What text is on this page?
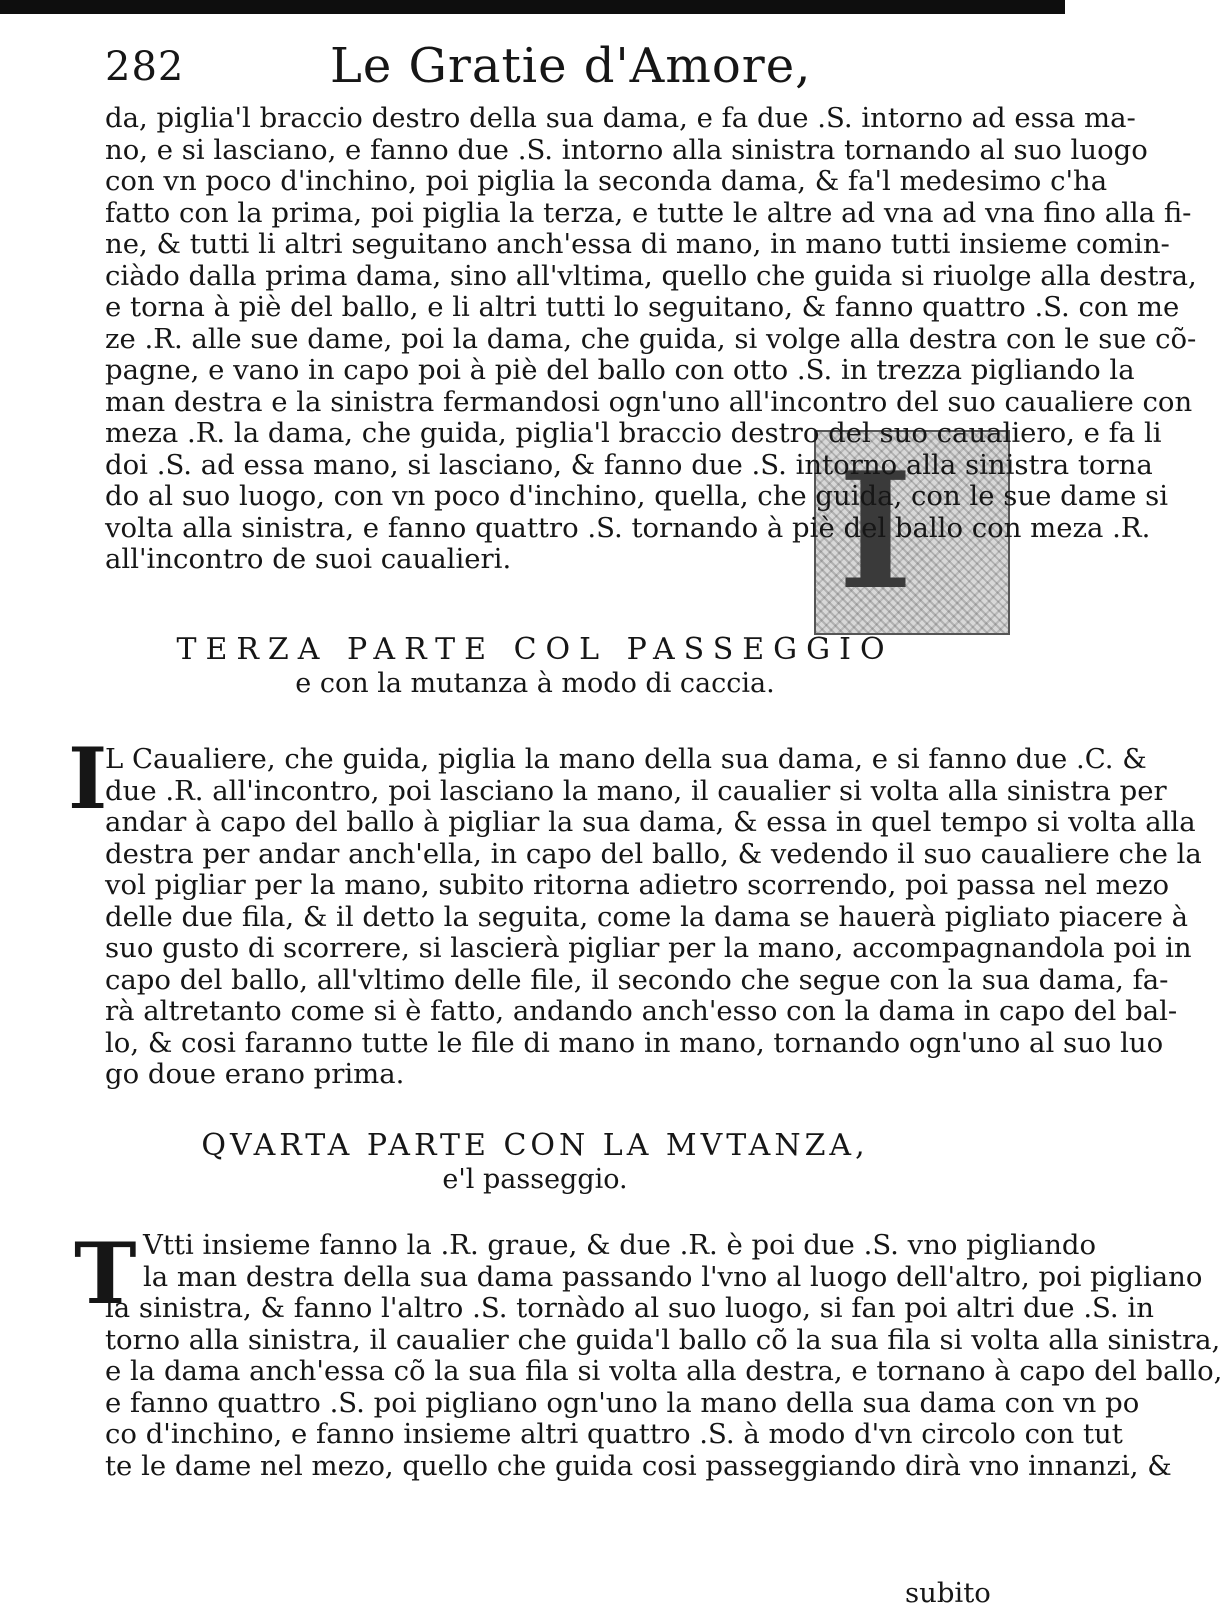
282	Le Gratie d'Amore,
I
da, piglia'l braccio destro della sua dama, e fa due .S. intorno ad essa ma-
no, e si lasciano, e fanno due .S. intorno alla sinistra tornando al suo luogo
con vn poco d'inchino, poi piglia la seconda dama, & fa'l medesimo c'ha
fatto con la prima, poi piglia la terza, e tutte le altre ad vna ad vna fino alla fi-
ne, & tutti li altri seguitano anch'essa di mano, in mano tutti insieme comin-
ciàdo dalla prima dama, sino all'vltima, quello che guida si riuolge alla destra,
e torna à piè del ballo, e li altri tutti lo seguitano, & fanno quattro .S. con me
ze .R. alle sue dame, poi la dama, che guida, si volge alla destra con le sue cõ-
pagne, e vano in capo poi à piè del ballo con otto .S. in trezza pigliando la
man destra e la sinistra fermandosi ogn'uno all'incontro del suo caualiere con
meza .R. la dama, che guida, piglia'l braccio destro del suo caualiero, e fa li
doi .S. ad essa mano, si lasciano, & fanno due .S. intorno alla sinistra torna
do al suo luogo, con vn poco d'inchino, quella, che guida, con le sue dame si
volta alla sinistra, e fanno quattro .S. tornando à piè del ballo con meza .R.
all'incontro de suoi caualieri.
TERZA PARTE COL PASSEGGIO
e con la mutanza à modo di caccia.
I
L Caualiere, che guida, piglia la mano della sua dama, e si fanno due .C. &
due .R. all'incontro, poi lasciano la mano, il caualier si volta alla sinistra per
andar à capo del ballo à pigliar la sua dama, & essa in quel tempo si volta alla
destra per andar anch'ella, in capo del ballo, & vedendo il suo caualiere che la
vol pigliar per la mano, subito ritorna adietro scorrendo, poi passa nel mezo
delle due fila, & il detto la seguita, come la dama se hauerà pigliato piacere à
suo gusto di scorrere, si lascierà pigliar per la mano, accompagnandola poi in
capo del ballo, all'vltimo delle file, il secondo che segue con la sua dama, fa-
rà altretanto come si è fatto, andando anch'esso con la dama in capo del bal-
lo, & cosi faranno tutte le file di mano in mano, tornando ogn'uno al suo luo
go doue erano prima.
QVARTA PARTE CON LA MVTANZA,
e'l passeggio.
T Vtti insieme fanno la .R. graue, & due .R. è poi due .S. vno pigliando
la man destra della sua dama passando l'vno al luogo dell'altro, poi pigliano
la sinistra, & fanno l'altro .S. tornàdo al suo luogo, si fan poi altri due .S. in
torno alla sinistra, il caualier che guida'l ballo cõ la sua fila si volta alla sinistra,
e la dama anch'essa cõ la sua fila si volta alla destra, e tornano à capo del ballo,
e fanno quattro .S. poi pigliano ogn'uno la mano della sua dama con vn po
co d'inchino, e fanno insieme altri quattro .S. à modo d'vn circolo con tut
te le dame nel mezo, quello che guida cosi passeggiando dirà vno innanzi, &
subito
